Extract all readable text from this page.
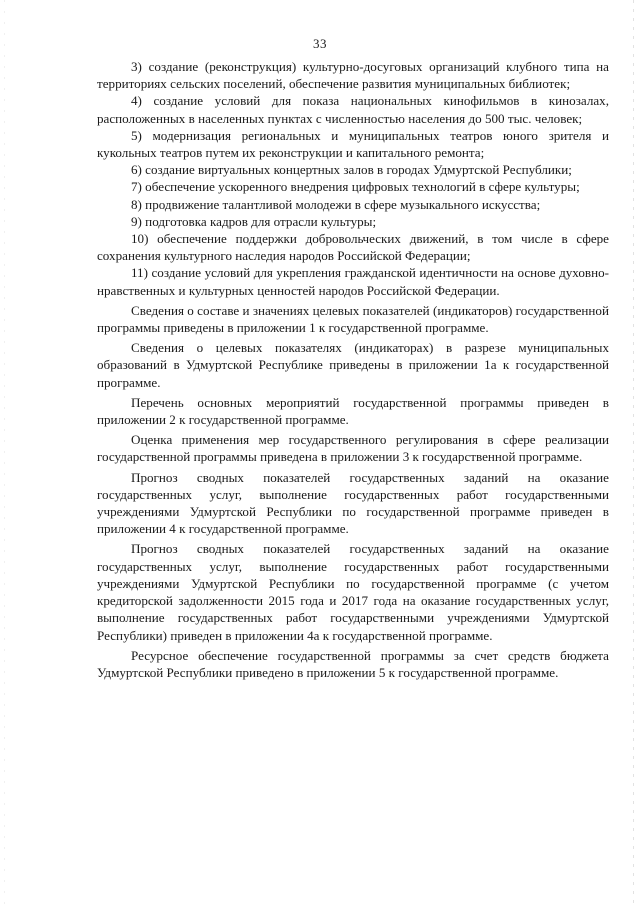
33

3) создание (реконструкция) культурно-досуговых организаций клубного типа на территориях сельских поселений, обеспечение развития муниципальных библиотек;

4) создание условий для показа национальных кинофильмов в кинозалах, расположенных в населенных пунктах с численностью населения до 500 тыс. человек;

5) модернизация региональных и муниципальных театров юного зрителя и кукольных театров путем их реконструкции и капитального ремонта;

6) создание виртуальных концертных залов в городах Удмуртской Республики;

7) обеспечение ускоренного внедрения цифровых технологий в сфере культуры;

8) продвижение талантливой молодежи в сфере музыкального искусства;

9) подготовка кадров для отрасли культуры;

10) обеспечение поддержки добровольческих движений, в том числе в сфере сохранения культурного наследия народов Российской Федерации;

11) создание условий для укрепления гражданской идентичности на основе духовно-нравственных и культурных ценностей народов Российской Федерации.

Сведения о составе и значениях целевых показателей (индикаторов) государственной программы приведены в приложении 1 к государственной программе.

Сведения о целевых показателях (индикаторах) в разрезе муниципальных образований в Удмуртской Республике приведены в приложении 1а к государственной программе.

Перечень основных мероприятий государственной программы приведен в приложении 2 к государственной программе.

Оценка применения мер государственного регулирования в сфере реализации государственной программы приведена в приложении 3 к государственной программе.

Прогноз сводных показателей государственных заданий на оказание государственных услуг, выполнение государственных работ государственными учреждениями Удмуртской Республики по государственной программе приведен в приложении 4 к государственной программе.

Прогноз сводных показателей государственных заданий на оказание государственных услуг, выполнение государственных работ государственными учреждениями Удмуртской Республики по государственной программе (с учетом кредиторской задолженности 2015 года и 2017 года на оказание государственных услуг, выполнение государственных работ государственными учреждениями Удмуртской Республики) приведен в приложении 4а к государственной программе.

Ресурсное обеспечение государственной программы за счет средств бюджета Удмуртской Республики приведено в приложении 5 к государственной программе.
